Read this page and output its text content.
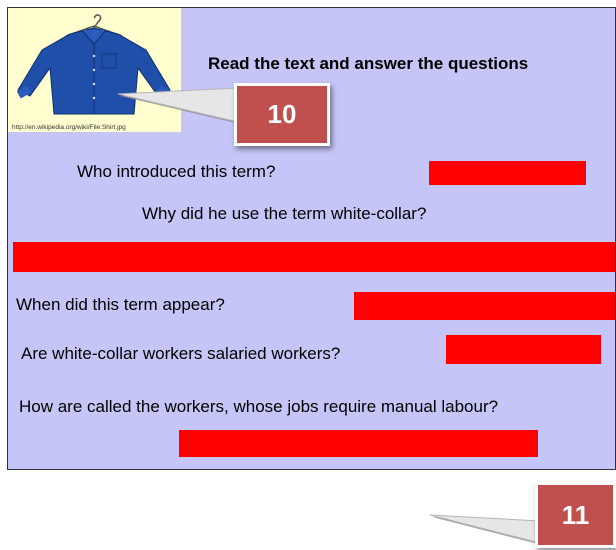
http://en.wikipedia.org/wiki/File:Shirt.jpg
Read the text and answer the questions
Who introduced this term?
Why did he use the term white-collar?
When did this term appear?
Are white-collar workers salaried workers?
How are called the workers, whose jobs require manual labour?
10
11
